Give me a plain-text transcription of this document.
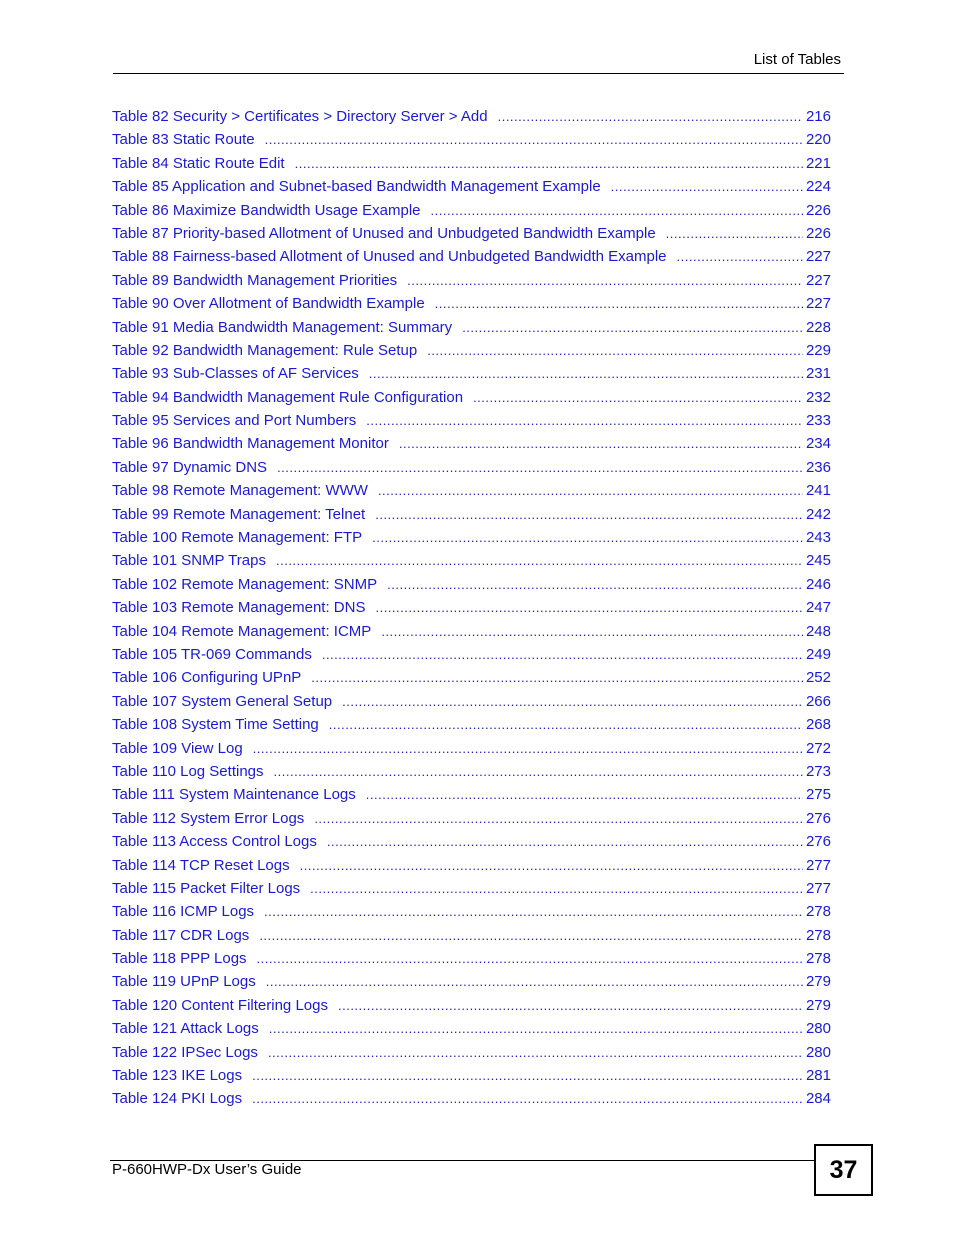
List of Tables
Table 82 Security > Certificates > Directory Server > Add .....	216
Table 83 Static Route .....	220
Table 84 Static Route Edit .....	221
Table 85 Application and Subnet-based Bandwidth Management Example .....	224
Table 86 Maximize Bandwidth Usage Example .....	226
Table 87 Priority-based Allotment of Unused and Unbudgeted Bandwidth Example .....	226
Table 88 Fairness-based Allotment of Unused and Unbudgeted Bandwidth Example .....	227
Table 89 Bandwidth Management Priorities .....	227
Table 90 Over Allotment of Bandwidth Example .....	227
Table 91 Media Bandwidth Management: Summary .....	228
Table 92 Bandwidth Management: Rule Setup .....	229
Table 93 Sub-Classes of AF Services .....	231
Table 94 Bandwidth Management Rule Configuration .....	232
Table 95 Services and Port Numbers .....	233
Table 96 Bandwidth Management Monitor .....	234
Table 97 Dynamic DNS .....	236
Table 98 Remote Management: WWW .....	241
Table 99 Remote Management: Telnet .....	242
Table 100 Remote Management: FTP .....	243
Table 101 SNMP Traps .....	245
Table 102 Remote Management: SNMP .....	246
Table 103 Remote Management: DNS .....	247
Table 104 Remote Management: ICMP .....	248
Table 105 TR-069 Commands .....	249
Table 106 Configuring UPnP .....	252
Table 107 System General Setup .....	266
Table 108 System Time Setting .....	268
Table 109 View Log .....	272
Table 110 Log Settings .....	273
Table 111 System Maintenance Logs .....	275
Table 112 System Error Logs .....	276
Table 113 Access Control Logs .....	276
Table 114 TCP Reset Logs .....	277
Table 115 Packet Filter Logs .....	277
Table 116 ICMP Logs .....	278
Table 117 CDR Logs .....	278
Table 118 PPP Logs .....	278
Table 119 UPnP Logs .....	279
Table 120 Content Filtering Logs .....	279
Table 121 Attack Logs .....	280
Table 122 IPSec Logs .....	280
Table 123 IKE Logs .....	281
Table 124 PKI Logs .....	284
P-660HWP-Dx User’s Guide	37
